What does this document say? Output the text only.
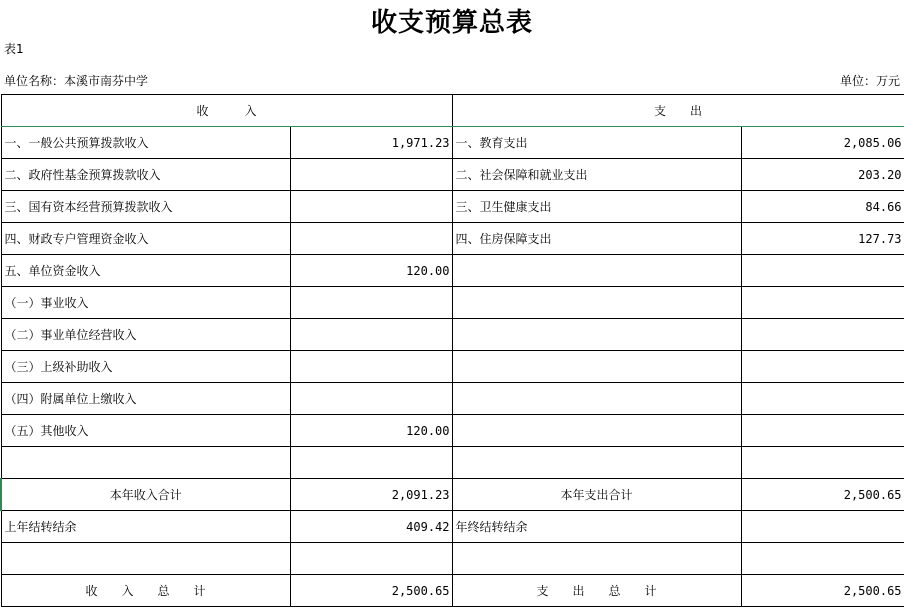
收支预算总表
表1
单位名称：本溪市南芬中学	单位：万元
收　　　入		支　　出	
一、一般公共预算拨款收入	1,971.23	一、教育支出	2,085.06
二、政府性基金预算拨款收入		二、社会保障和就业支出	203.20
三、国有资本经营预算拨款收入		三、卫生健康支出	84.66
四、财政专户管理资金收入		四、住房保障支出	127.73
五、单位资金收入	120.00		
（一）事业收入			
（二）事业单位经营收入			
（三）上级补助收入			
（四）附属单位上缴收入			
（五）其他收入	120.00		

本年收入合计	2,091.23	本年支出合计	2,500.65
上年结转结余	409.42	年终结转结余	

收　　入　　总　　计	2,500.65	支　　出　　总　　计	2,500.65
